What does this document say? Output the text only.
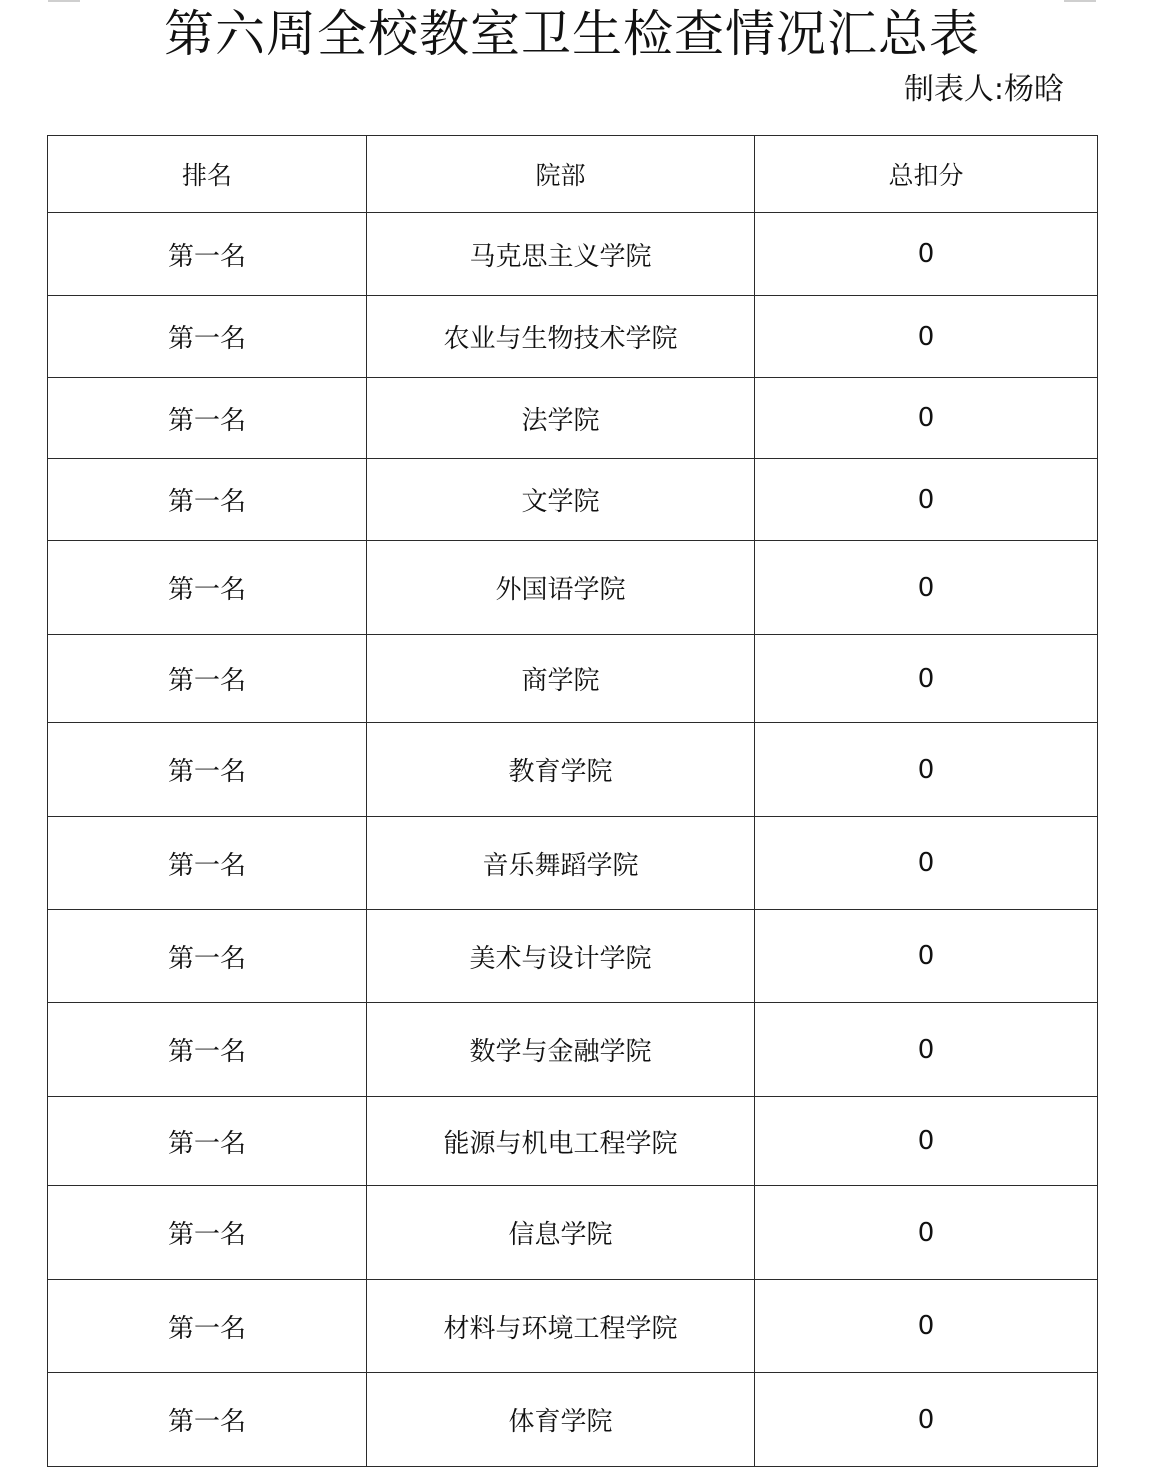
第六周全校教室卫生检查情况汇总表
制表人:杨晗
排名	院部	总扣分
第一名	马克思主义学院	0
第一名	农业与生物技术学院	0
第一名	法学院	0
第一名	文学院	0
第一名	外国语学院	0
第一名	商学院	0
第一名	教育学院	0
第一名	音乐舞蹈学院	0
第一名	美术与设计学院	0
第一名	数学与金融学院	0
第一名	能源与机电工程学院	0
第一名	信息学院	0
第一名	材料与环境工程学院	0
第一名	体育学院	0
